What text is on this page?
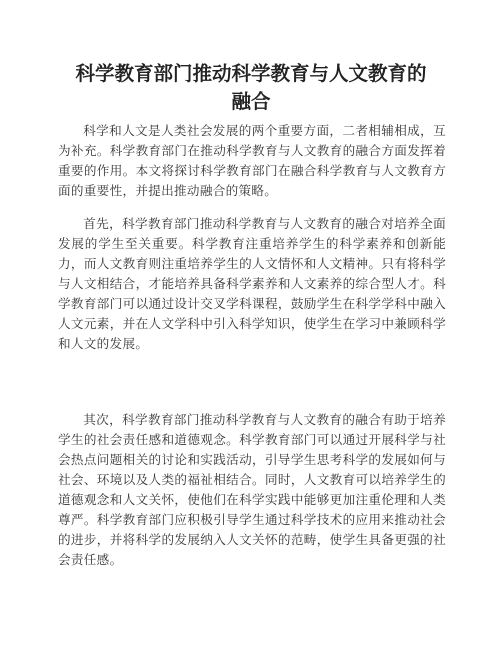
科学教育部门推动科学教育与人文教育的融合

科学和人文是人类社会发展的两个重要方面，二者相辅相成，互为补充。科学教育部门在推动科学教育与人文教育的融合方面发挥着重要的作用。本文将探讨科学教育部门在融合科学教育与人文教育方面的重要性，并提出推动融合的策略。

首先，科学教育部门推动科学教育与人文教育的融合对培养全面发展的学生至关重要。科学教育注重培养学生的科学素养和创新能力，而人文教育则注重培养学生的人文情怀和人文精神。只有将科学与人文相结合，才能培养具备科学素养和人文素养的综合型人才。科学教育部门可以通过设计交叉学科课程，鼓励学生在科学学科中融入人文元素，并在人文学科中引入科学知识，使学生在学习中兼顾科学和人文的发展。

其次，科学教育部门推动科学教育与人文教育的融合有助于培养学生的社会责任感和道德观念。科学教育部门可以通过开展科学与社会热点问题相关的讨论和实践活动，引导学生思考科学的发展如何与社会、环境以及人类的福祉相结合。同时，人文教育可以培养学生的道德观念和人文关怀，使他们在科学实践中能够更加注重伦理和人类尊严。科学教育部门应积极引导学生通过科学技术的应用来推动社会的进步，并将科学的发展纳入人文关怀的范畴，使学生具备更强的社会责任感。
